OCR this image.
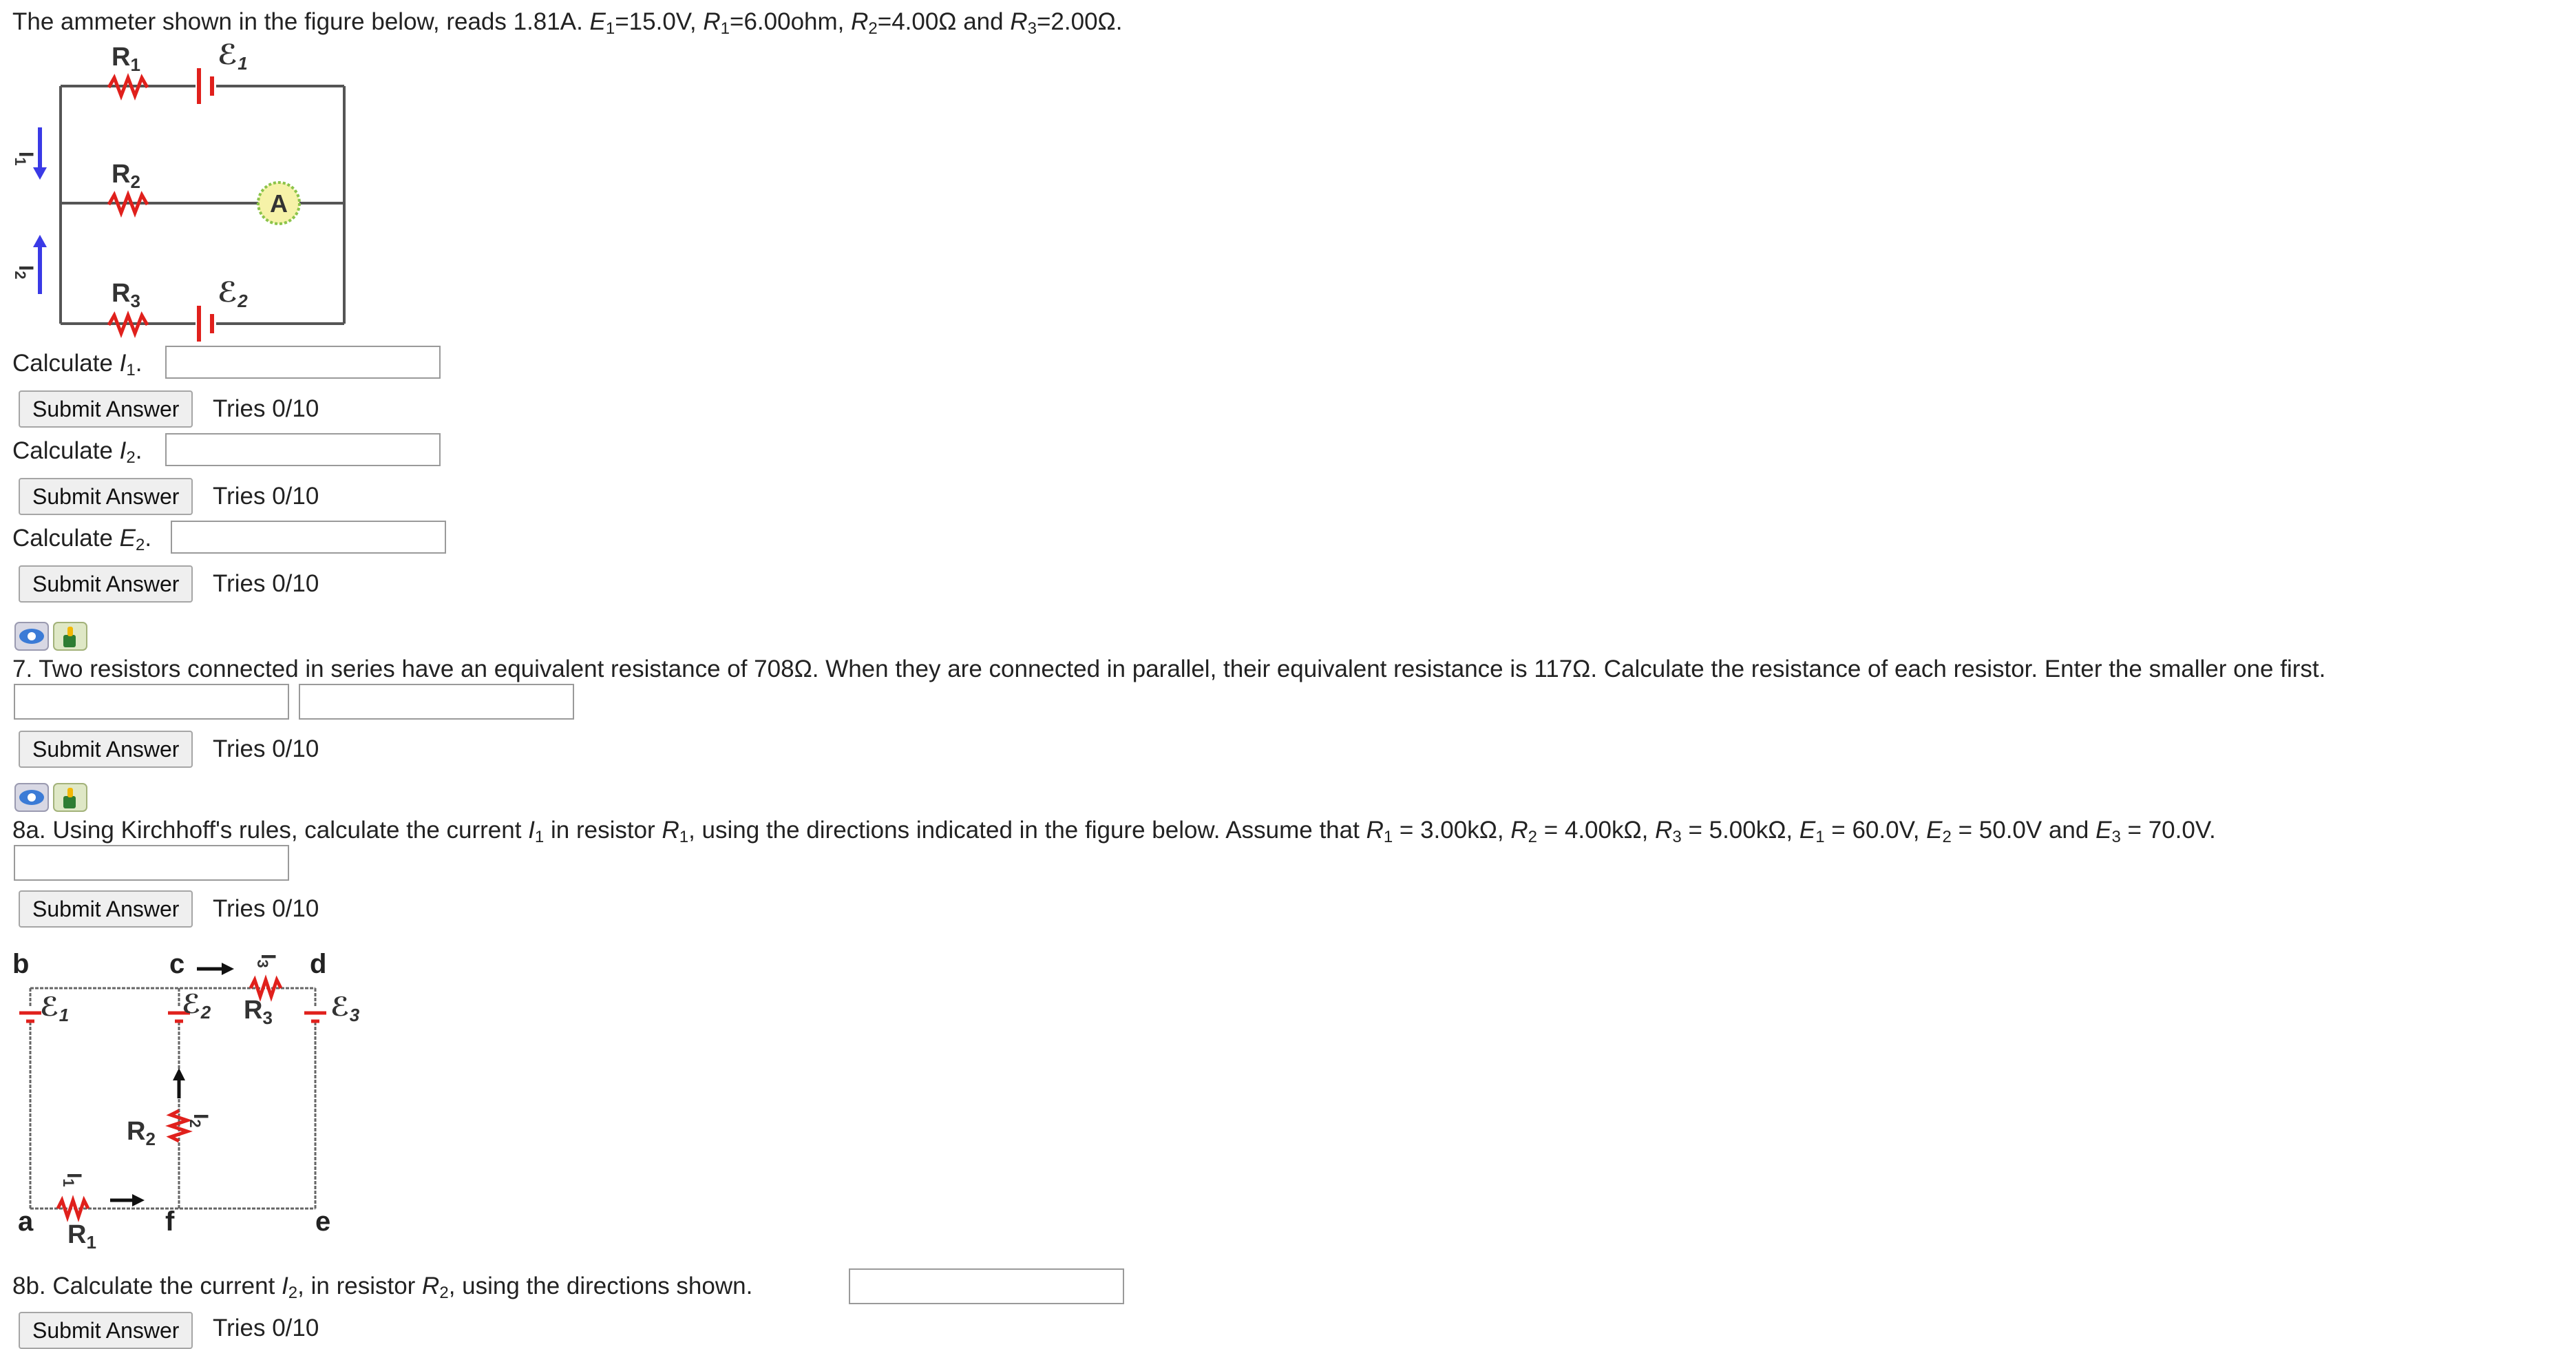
The ammeter shown in the figure below, reads 1.81A. $E_1=15.0V$, $R_1=6.00ohm$, $R_2=4.00\Omega$ and $R_3=2.00\Omega$.
A
$R_1$
$R_2$
$R_3$
ℰ$_1$
ℰ$_2$
$I_1$
$I_2$
Calculate $I_1$.
Submit Answer	Tries 0/10
Calculate $I_2$.
Submit Answer	Tries 0/10
Calculate $E_2$.
Submit Answer	Tries 0/10
7. Two resistors connected in series have an equivalent resistance of 708Ω. When they are connected in parallel, their equivalent resistance is 117Ω. Calculate the resistance of each resistor. Enter the smaller one first.
Submit Answer	Tries 0/10
8a. Using Kirchhoff's rules, calculate the current $I_1$ in resistor $R_1$, using the directions indicated in the figure below. Assume that $R_1 = 3.00k\Omega$, $R_2 = 4.00k\Omega$, $R_3 = 5.00k\Omega$, $E_1 = 60.0V$, $E_2 = 50.0V$ and $E_3 = 70.0V$.
Submit Answer	Tries 0/10
b	c	d
a	f	e
ℰ$_1$	ℰ$_2$	ℰ$_3$
$R_3$
$R_2$
$R_1$
$I_3$
$I_2$
$I_1$
8b. Calculate the current $I_2$, in resistor $R_2$, using the directions shown.
Submit Answer	Tries 0/10
